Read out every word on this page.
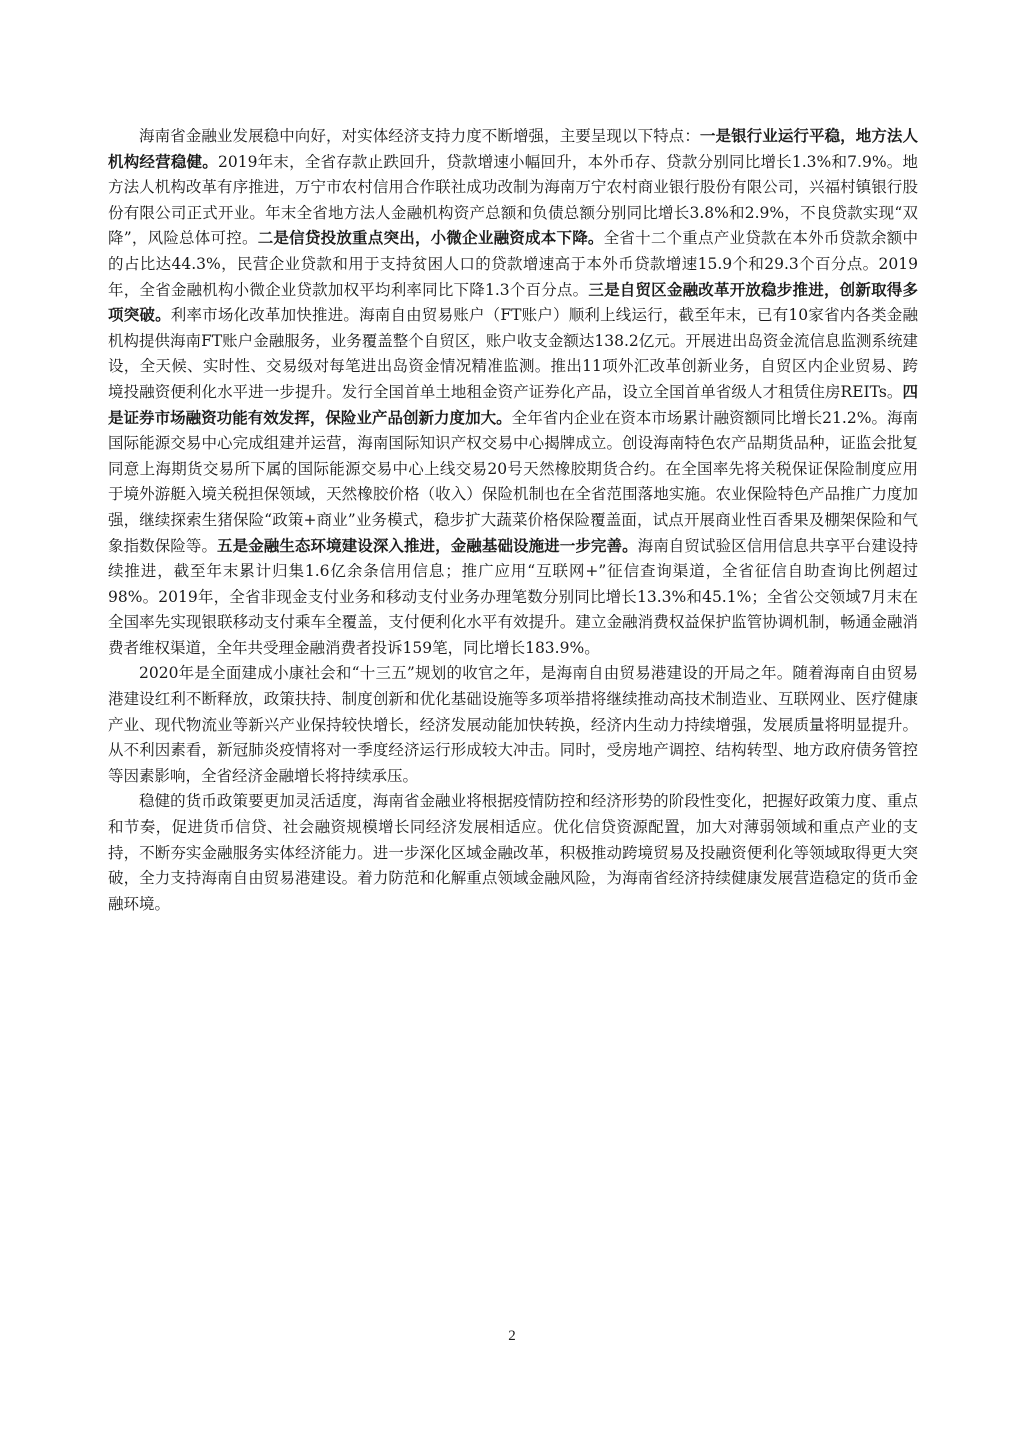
海南省金融业发展稳中向好，对实体经济支持力度不断增强，主要呈现以下特点：一是银行业运行平稳，地方法人机构经营稳健。2019年末，全省存款止跌回升，贷款增速小幅回升，本外币存、贷款分别同比增长1.3%和7.9%。地方法人机构改革有序推进，万宁市农村信用合作联社成功改制为海南万宁农村商业银行股份有限公司，兴福村镇银行股份有限公司正式开业。年末全省地方法人金融机构资产总额和负债总额分别同比增长3.8%和2.9%，不良贷款实现“双降”，风险总体可控。二是信贷投放重点突出，小微企业融资成本下降。全省十二个重点产业贷款在本外币贷款余额中的占比达44.3%，民营企业贷款和用于支持贫困人口的贷款增速高于本外币贷款增速15.9个和29.3个百分点。2019年，全省金融机构小微企业贷款加权平均利率同比下降1.3个百分点。三是自贸区金融改革开放稳步推进，创新取得多项突破。利率市场化改革加快推进。海南自由贸易账户（FT账户）顺利上线运行，截至年末，已有10家省内各类金融机构提供海南FT账户金融服务，业务覆盖整个自贸区，账户收支金额达138.2亿元。开展进出岛资金流信息监测系统建设，全天候、实时性、交易级对每笔进出岛资金情况精准监测。推出11项外汇改革创新业务，自贸区内企业贸易、跨境投融资便利化水平进一步提升。发行全国首单土地租金资产证券化产品，设立全国首单省级人才租赁住房REITs。四是证券市场融资功能有效发挥，保险业产品创新力度加大。全年省内企业在资本市场累计融资额同比增长21.2%。海南国际能源交易中心完成组建并运营，海南国际知识产权交易中心揭牌成立。创设海南特色农产品期货品种，证监会批复同意上海期货交易所下属的国际能源交易中心上线交易20号天然橡胶期货合约。在全国率先将关税保证保险制度应用于境外游艇入境关税担保领域，天然橡胶价格（收入）保险机制也在全省范围落地实施。农业保险特色产品推广力度加强，继续探索生猪保险“政策+商业”业务模式，稳步扩大蔬菜价格保险覆盖面，试点开展商业性百香果及棚架保险和气象指数保险等。五是金融生态环境建设深入推进，金融基础设施进一步完善。海南自贸试验区信用信息共享平台建设持续推进，截至年末累计归集1.6亿余条信用信息；推广应用“互联网+”征信查询渠道，全省征信自助查询比例超过98%。2019年，全省非现金支付业务和移动支付业务办理笔数分别同比增长13.3%和45.1%；全省公交领域7月末在全国率先实现银联移动支付乘车全覆盖，支付便利化水平有效提升。建立金融消费权益保护监管协调机制，畅通金融消费者维权渠道，全年共受理金融消费者投诉159笔，同比增长183.9%。

2020年是全面建成小康社会和“十三五”规划的收官之年，是海南自由贸易港建设的开局之年。随着海南自由贸易港建设红利不断释放，政策扶持、制度创新和优化基础设施等多项举措将继续推动高技术制造业、互联网业、医疗健康产业、现代物流业等新兴产业保持较快增长，经济发展动能加快转换，经济内生动力持续增强，发展质量将明显提升。从不利因素看，新冠肺炎疫情将对一季度经济运行形成较大冲击。同时，受房地产调控、结构转型、地方政府债务管控等因素影响，全省经济金融增长将持续承压。

稳健的货币政策要更加灵活适度，海南省金融业将根据疫情防控和经济形势的阶段性变化，把握好政策力度、重点和节奏，促进货币信贷、社会融资规模增长同经济发展相适应。优化信贷资源配置，加大对薄弱领域和重点产业的支持，不断夯实金融服务实体经济能力。进一步深化区域金融改革，积极推动跨境贸易及投融资便利化等领域取得更大突破，全力支持海南自由贸易港建设。着力防范和化解重点领域金融风险，为海南省经济持续健康发展营造稳定的货币金融环境。

2
